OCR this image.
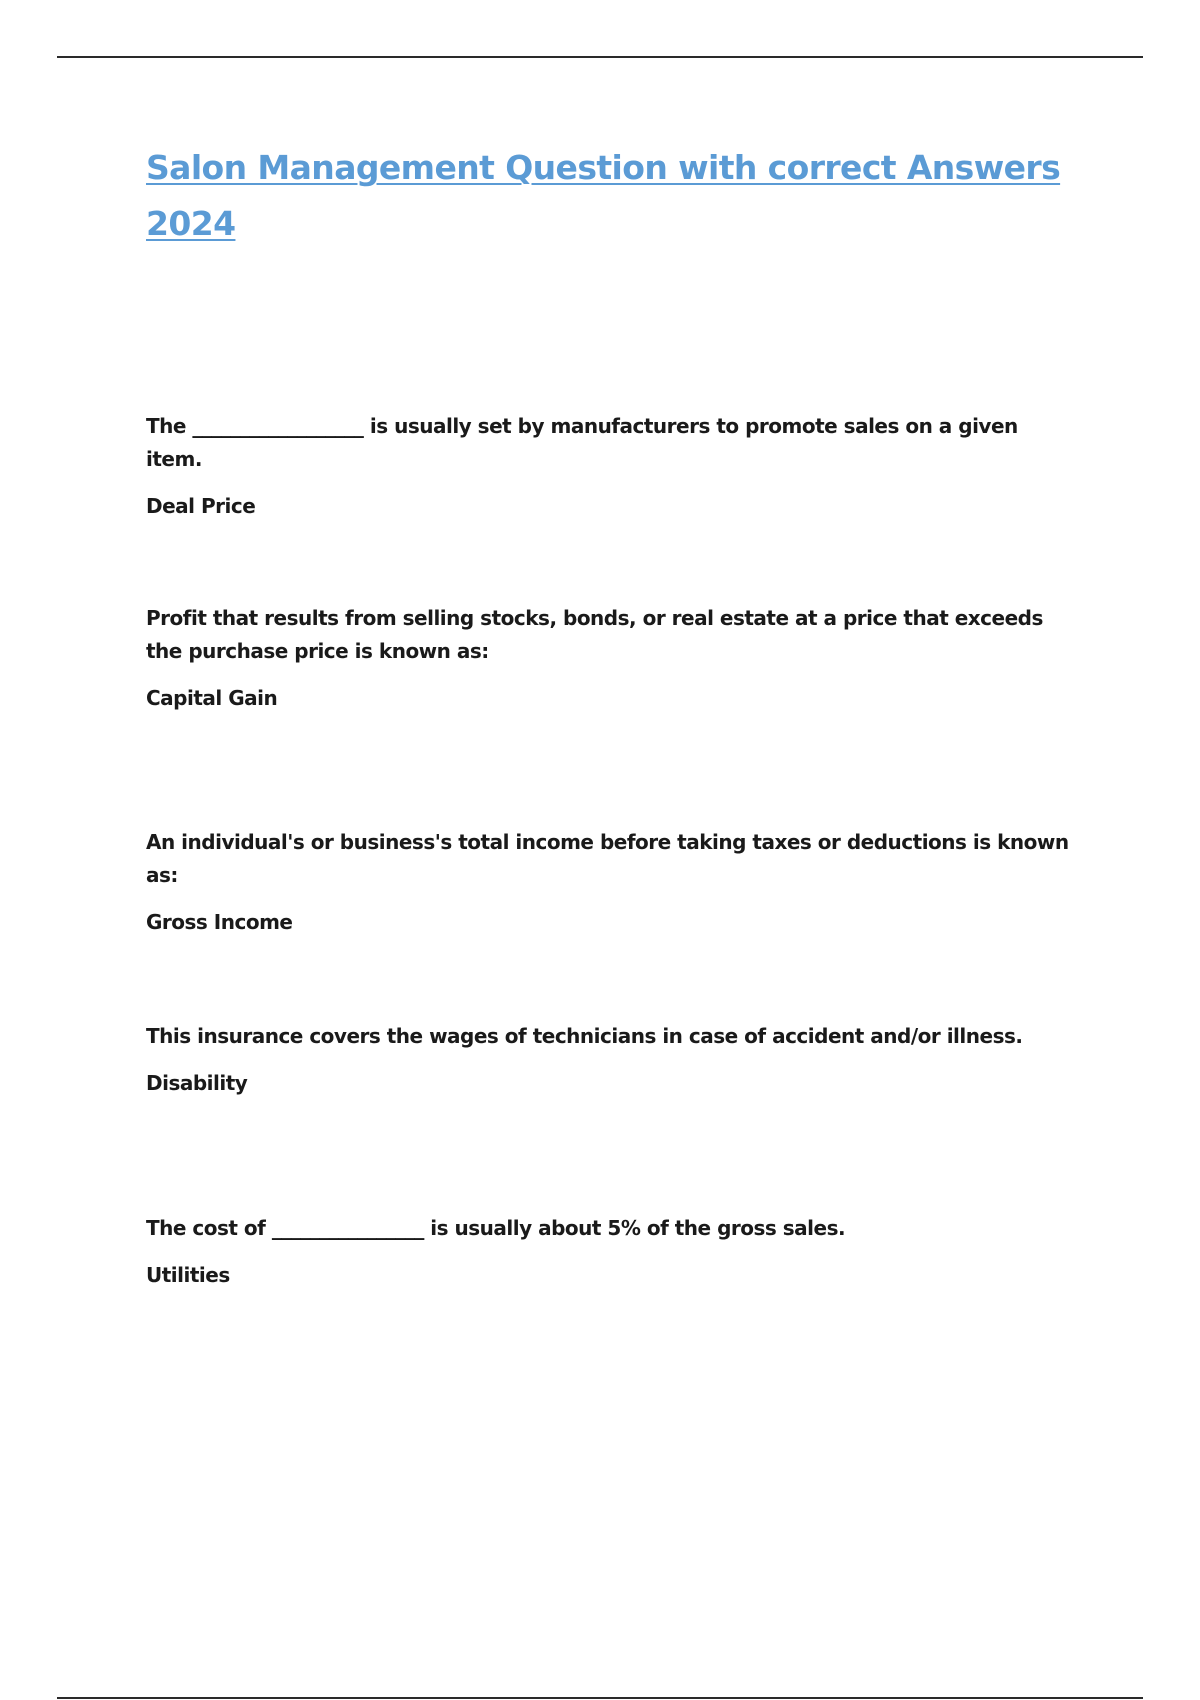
Salon Management Question with correct Answers 2024

The __________________ is usually set by manufacturers to promote sales on a given item.

Deal Price

Profit that results from selling stocks, bonds, or real estate at a price that exceeds the purchase price is known as:

Capital Gain

An individual's or business's total income before taking taxes or deductions is known as:

Gross Income

This insurance covers the wages of technicians in case of accident and/or illness.

Disability

The cost of ________________ is usually about 5% of the gross sales.

Utilities
